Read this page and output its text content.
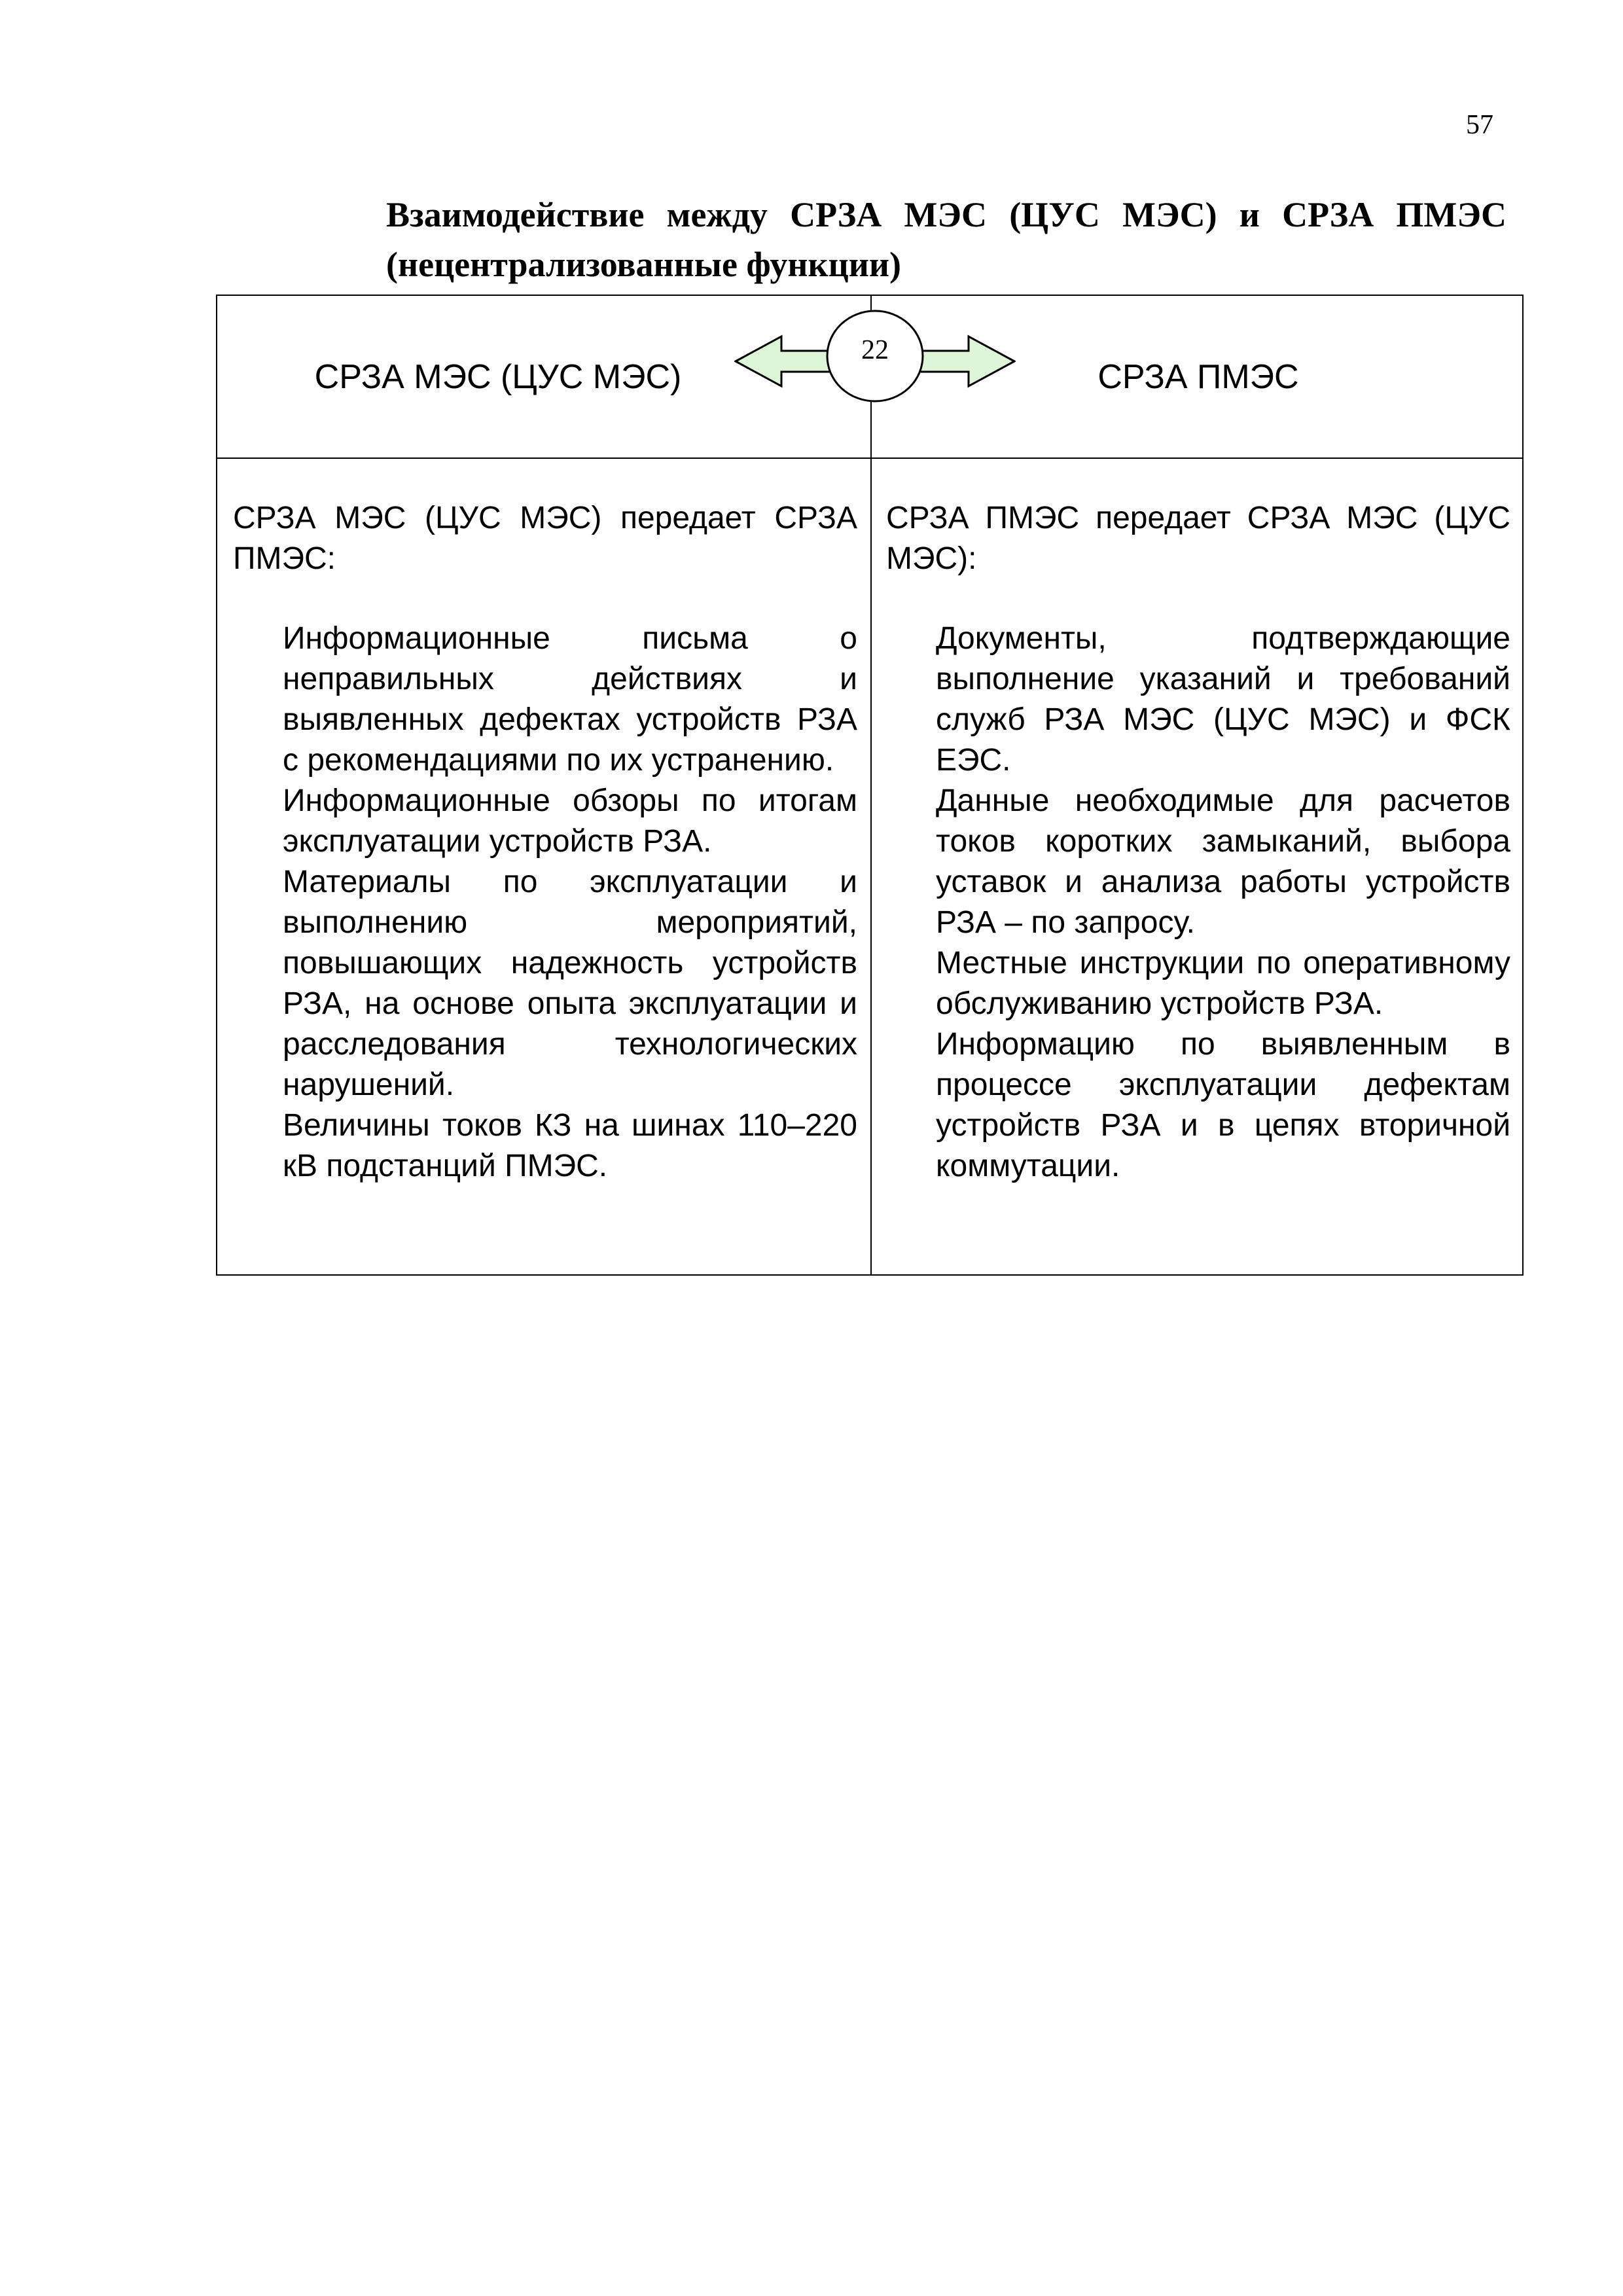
57
Взаимодействие между СРЗА МЭС (ЦУС МЭС) и СРЗА ПМЭС (нецентрализованные функции)
СРЗА МЭС (ЦУС МЭС)	СРЗА ПМЭС
22

СРЗА МЭС (ЦУС МЭС) передает СРЗА ПМЭС:

Информационные письма о неправильных действиях и выявленных дефектах устройств РЗА с рекомендациями по их устранению.
Информационные обзоры по итогам эксплуатации устройств РЗА.
Материалы по эксплуатации и выполнению мероприятий, повышающих надежность устройств РЗА, на основе опыта эксплуатации и расследования технологических нарушений.
Величины токов КЗ на шинах 110–220 кВ подстанций ПМЭС.

СРЗА ПМЭС передает СРЗА МЭС (ЦУС МЭС):

Документы, подтверждающие выполнение указаний и требований служб РЗА МЭС (ЦУС МЭС) и ФСК ЕЭС.
Данные необходимые для расчетов токов коротких замыканий, выбора уставок и анализа работы устройств РЗА – по запросу.
Местные инструкции по оперативному обслуживанию устройств РЗА.
Информацию по выявленным в процессе эксплуатации дефектам устройств РЗА и в цепях вторичной коммутации.
